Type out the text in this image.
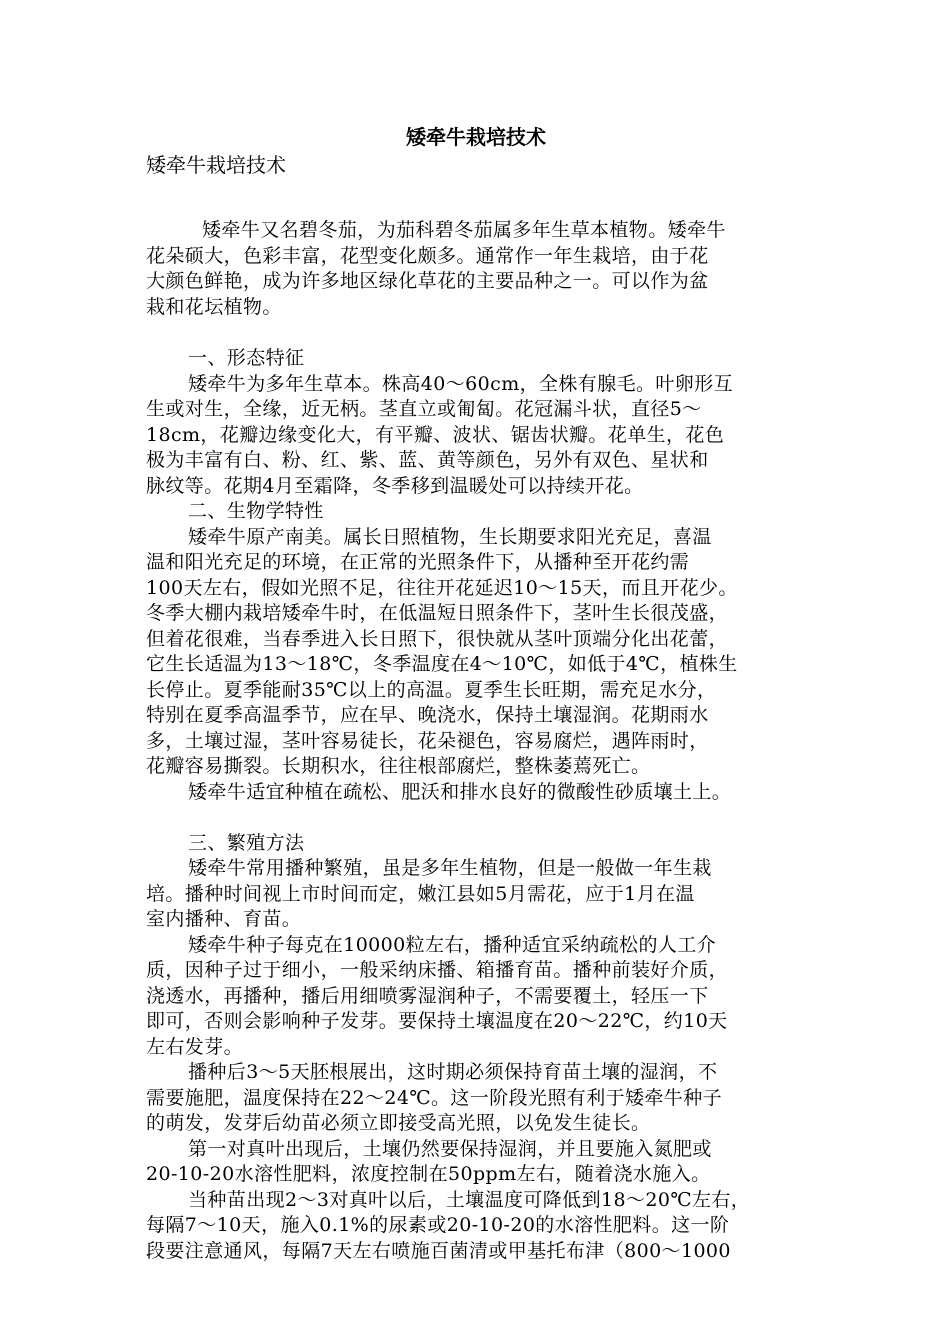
矮牵牛栽培技术
矮牵牛栽培技术
矮牵牛又名碧冬茄，为茄科碧冬茄属多年生草本植物。矮牵牛
花朵硕大，色彩丰富，花型变化颇多。通常作一年生栽培，由于花
大颜色鲜艳，成为许多地区绿化草花的主要品种之一。可以作为盆
栽和花坛植物。
一、形态特征
矮牵牛为多年生草本。株高40～60cm，全株有腺毛。叶卵形互
生或对生，全缘，近无柄。茎直立或匍匐。花冠漏斗状，直径5～
18cm，花瓣边缘变化大，有平瓣、波状、锯齿状瓣。花单生，花色
极为丰富有白、粉、红、紫、蓝、黄等颜色，另外有双色、星状和
脉纹等。花期4月至霜降，冬季移到温暖处可以持续开花。
二、生物学特性
矮牵牛原产南美。属长日照植物，生长期要求阳光充足，喜温
温和阳光充足的环境，在正常的光照条件下，从播种至开花约需
100天左右，假如光照不足，往往开花延迟10～15天，而且开花少。
冬季大棚内栽培矮牵牛时，在低温短日照条件下，茎叶生长很茂盛，
但着花很难，当春季进入长日照下，很快就从茎叶顶端分化出花蕾，
它生长适温为13～18℃，冬季温度在4～10℃，如低于4℃，植株生
长停止。夏季能耐35℃以上的高温。夏季生长旺期，需充足水分，
特别在夏季高温季节，应在早、晚浇水，保持土壤湿润。花期雨水
多，土壤过湿，茎叶容易徒长，花朵褪色，容易腐烂，遇阵雨时，
花瓣容易撕裂。长期积水，往往根部腐烂，整株萎蔫死亡。
矮牵牛适宜种植在疏松、肥沃和排水良好的微酸性砂质壤土上。
三、繁殖方法
矮牵牛常用播种繁殖，虽是多年生植物，但是一般做一年生栽
培。播种时间视上市时间而定，嫩江县如5月需花，应于1月在温
室内播种、育苗。
矮牵牛种子每克在10000粒左右，播种适宜采纳疏松的人工介
质，因种子过于细小，一般采纳床播、箱播育苗。播种前装好介质，
浇透水，再播种，播后用细喷雾湿润种子，不需要覆土，轻压一下
即可，否则会影响种子发芽。要保持土壤温度在20～22℃，约10天
左右发芽。
播种后3～5天胚根展出，这时期必须保持育苗土壤的湿润，不
需要施肥，温度保持在22～24℃。这一阶段光照有利于矮牵牛种子
的萌发，发芽后幼苗必须立即接受高光照，以免发生徒长。
第一对真叶出现后，土壤仍然要保持湿润，并且要施入氮肥或
20-10-20水溶性肥料，浓度控制在50ppm左右，随着浇水施入。
当种苗出现2～3对真叶以后，土壤温度可降低到18～20℃左右，
每隔7～10天，施入0.1%的尿素或20-10-20的水溶性肥料。这一阶
段要注意通风，每隔7天左右喷施百菌清或甲基托布津（800～1000
